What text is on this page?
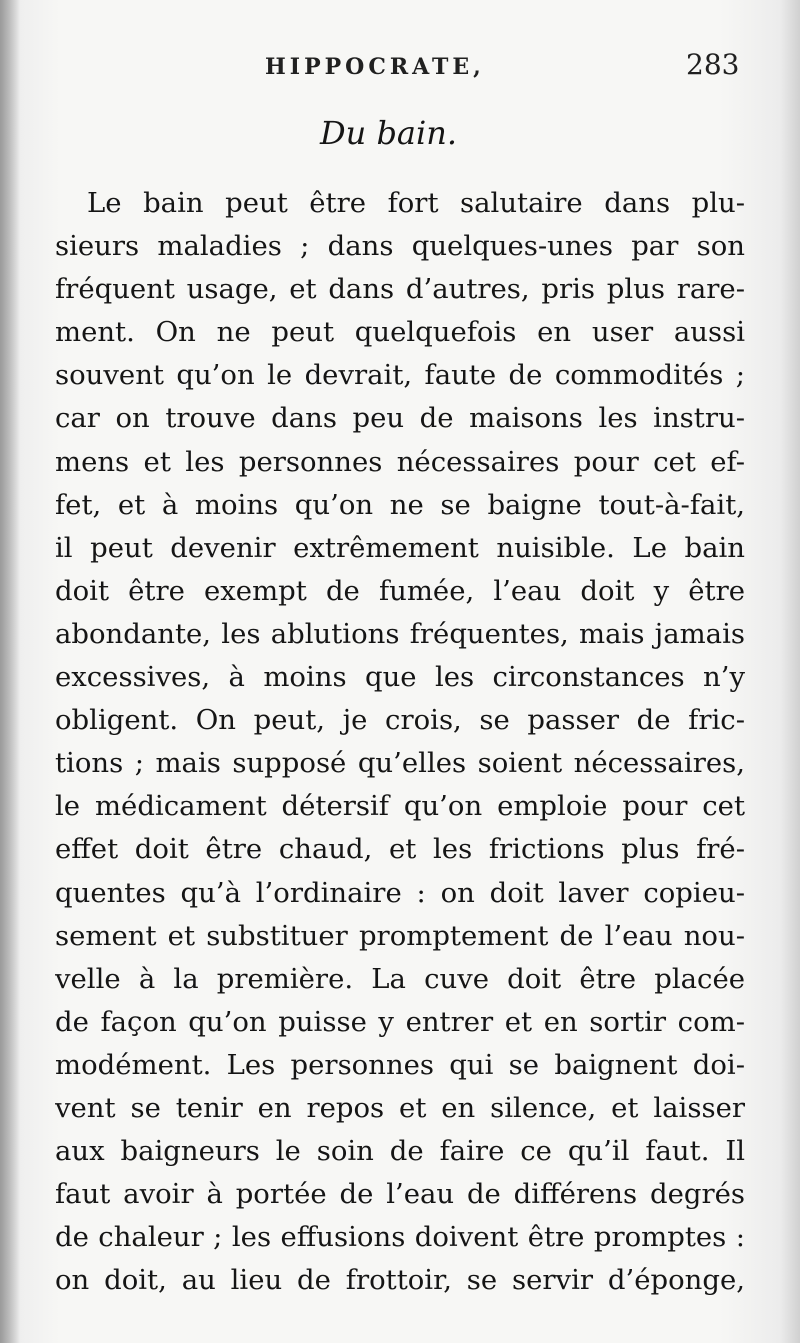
HIPPOCRATE,	283
Du bain.
Le bain peut être fort salutaire dans plu-
sieurs maladies ; dans quelques-unes par son
fréquent usage, et dans d’autres, pris plus rare-
ment. On ne peut quelquefois en user aussi
souvent qu’on le devrait, faute de commodités ;
car on trouve dans peu de maisons les instru-
mens et les personnes nécessaires pour cet ef-
fet, et à moins qu’on ne se baigne tout-à-fait,
il peut devenir extrêmement nuisible. Le bain
doit être exempt de fumée, l’eau doit y être
abondante, les ablutions fréquentes, mais jamais
excessives, à moins que les circonstances n’y
obligent. On peut, je crois, se passer de fric-
tions ; mais supposé qu’elles soient nécessaires,
le médicament détersif qu’on emploie pour cet
effet doit être chaud, et les frictions plus fré-
quentes qu’à l’ordinaire : on doit laver copieu-
sement et substituer promptement de l’eau nou-
velle à la première. La cuve doit être placée
de façon qu’on puisse y entrer et en sortir com-
modément. Les personnes qui se baignent doi-
vent se tenir en repos et en silence, et laisser
aux baigneurs le soin de faire ce qu’il faut. Il
faut avoir à portée de l’eau de différens degrés
de chaleur ; les effusions doivent être promptes :
on doit, au lieu de frottoir, se servir d’éponge,
